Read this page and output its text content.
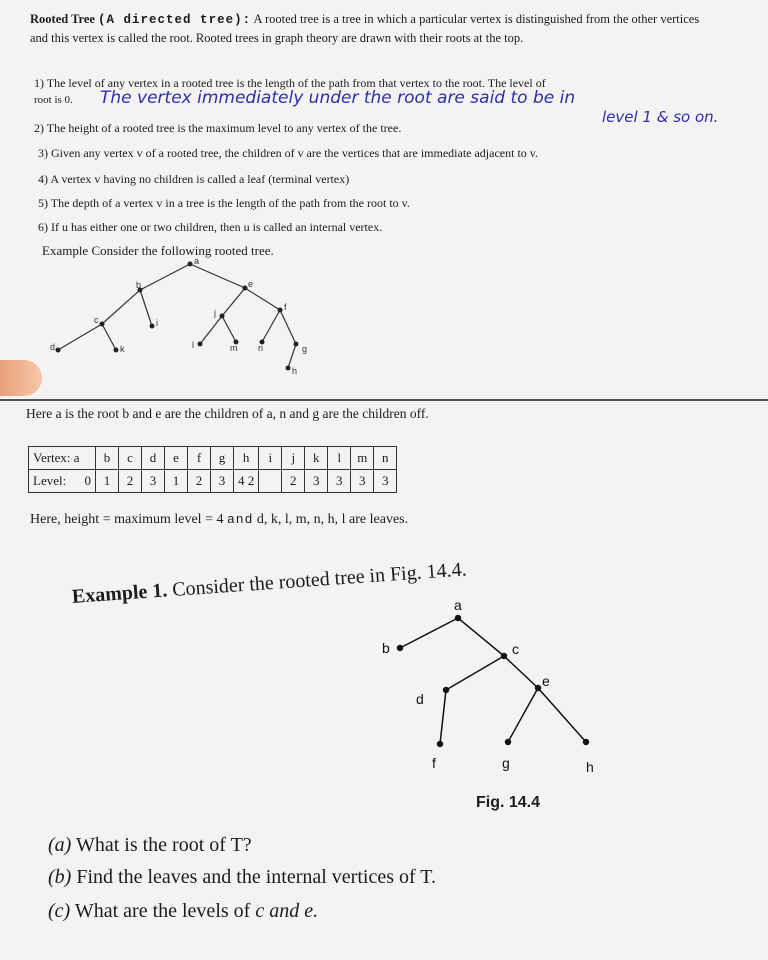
Rooted Tree (A directed tree): A rooted tree is a tree in which a particular vertex is distinguished from the other vertices and this vertex is called the root. Rooted trees in graph theory are drawn with their roots at the top.
1) The level of any vertex in a rooted tree is the length of the path from that vertex to the root. The level of
root is 0. The vertex immediately under the root are said to be in
level 1 & so on.
2) The height of a rooted tree is the maximum level to any vertex of the tree.
3) Given any vertex v of a rooted tree, the children of v are the vertices that are immediate adjacent to v.
4) A vertex v having no children is called a leaf (terminal vertex)
5) The depth of a vertex v in a tree is the length of the path from the root to v.
6) If u has either one or two children, then u is called an internal vertex.
Example Consider the following rooted tree.
a
b
c
d
e
f
g
h
i
j
k	l	m n
Here a is the root b and e are the children of a, n and g are the children off.
Vertex: a	b	c	d	e	f	g	h	i	j	k	l	m	n
Level: 0	1	2	3	1	2	3	4 2		2	3	3	3	3
Here, height = maximum level = 4 and d, k, l, m, n, h, l are leaves.
Example 1. Consider the rooted tree in Fig. 14.4.
a
b	c
d
e
f	g	h
Fig. 14.4
(a) What is the root of T?
(b) Find the leaves and the internal vertices of T.
(c) What are the levels of c and e.
